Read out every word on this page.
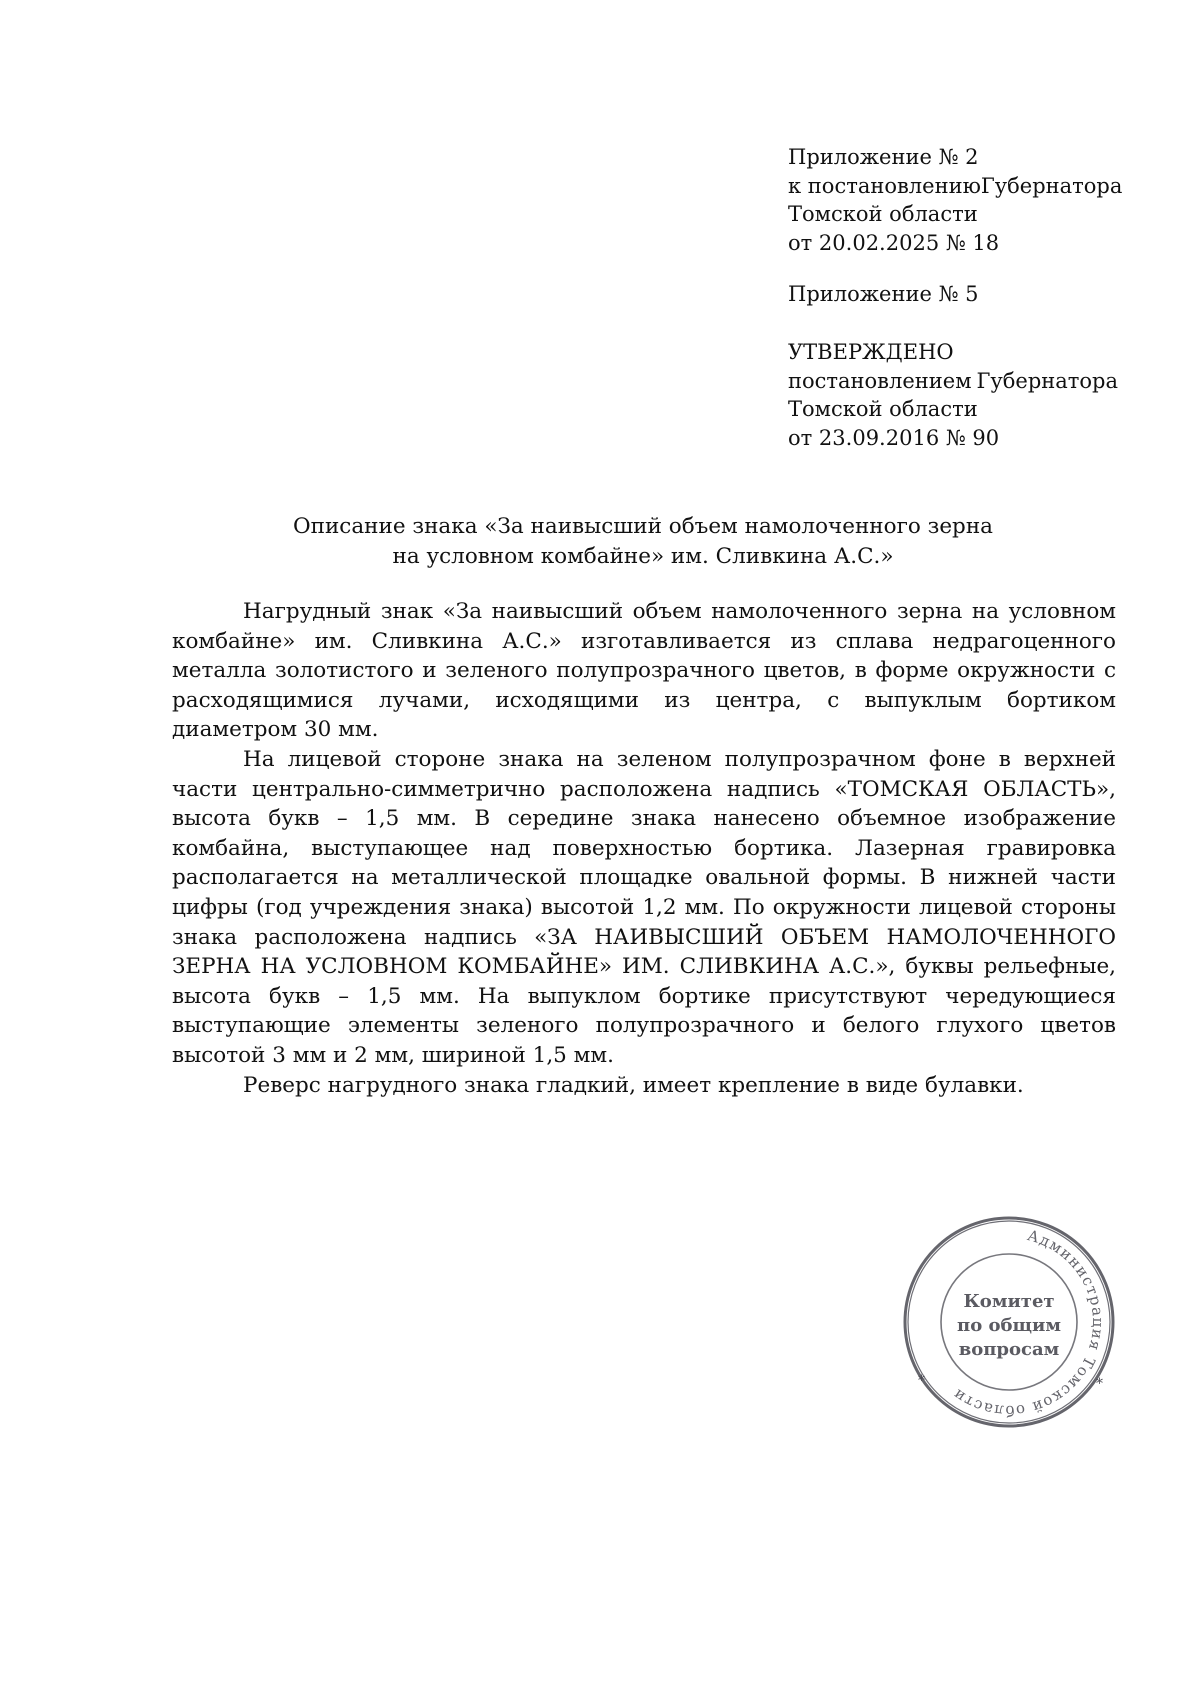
Приложение № 2
к постановлению Губернатора
Томской области
от 20.02.2025 № 18
Приложение № 5
УТВЕРЖДЕНО
постановлением Губернатора
Томской области
от 23.09.2016 № 90
Описание знака «За наивысший объем намолоченного зерна
на условном комбайне» им. Сливкина А.С.»

Нагрудный знак «За наивысший объем намолоченного зерна на условном комбайне» им. Сливкина А.С.» изготавливается из сплава недрагоценного металла золотистого и зеленого полупрозрачного цветов, в форме окружности с расходящимися лучами, исходящими из центра, с выпуклым бортиком диаметром 30 мм.

На лицевой стороне знака на зеленом полупрозрачном фоне в верхней части центрально-симметрично расположена надпись «ТОМСКАЯ ОБЛАСТЬ», высота букв – 1,5 мм. В середине знака нанесено объемное изображение комбайна, выступающее над поверхностью бортика. Лазерная гравировка располагается на металлической площадке овальной формы. В нижней части цифры (год учреждения знака) высотой 1,2 мм. По окружности лицевой стороны знака расположена надпись «ЗА НАИВЫСШИЙ ОБЪЕМ НАМОЛОЧЕННОГО ЗЕРНА НА УСЛОВНОМ КОМБАЙНЕ» ИМ. СЛИВКИНА А.С.», буквы рельефные, высота букв – 1,5 мм. На выпуклом бортике присутствуют чередующиеся выступающие элементы зеленого полупрозрачного и белого глухого цветов высотой 3 мм и 2 мм, шириной 1,5 мм.

Реверс нагрудного знака гладкий, имеет крепление в виде булавки.

Администрация Томской области
*	*
Комитет
по общим
вопросам
